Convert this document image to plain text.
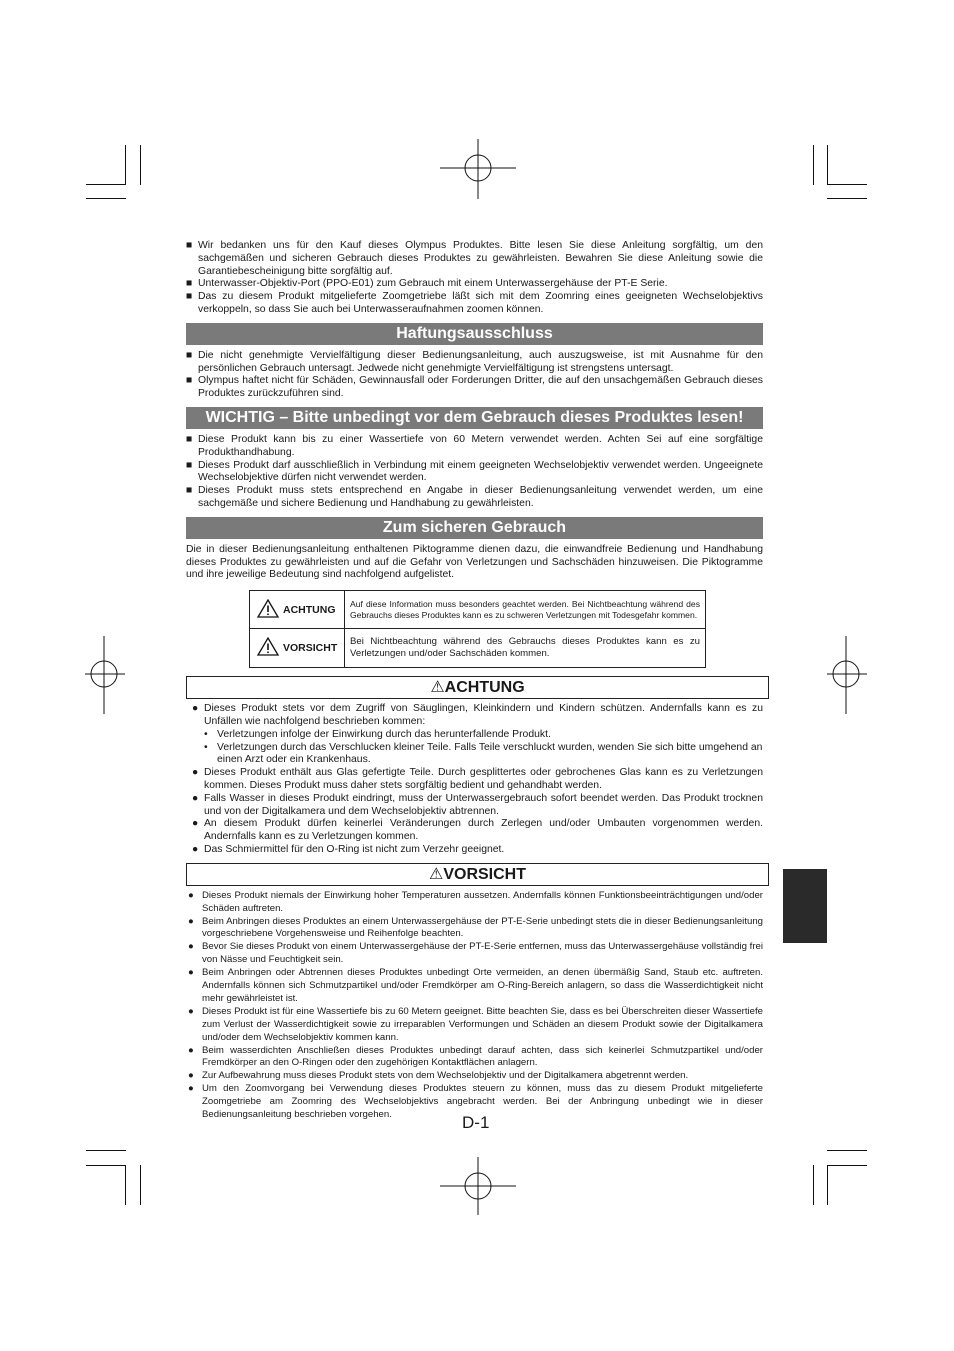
■ Wir bedanken uns für den Kauf dieses Olympus Produktes. Bitte lesen Sie diese Anleitung sorgfältig, um den sachgemäßen und sicheren Gebrauch dieses Produktes zu gewährleisten. Bewahren Sie diese Anleitung sowie die Garantiebescheinigung bitte sorgfältig auf.
■ Unterwasser-Objektiv-Port (PPO-E01) zum Gebrauch mit einem Unterwassergehäuse der PT-E Serie.
■ Das zu diesem Produkt mitgelieferte Zoomgetriebe läßt sich mit dem Zoomring eines geeigneten Wechselobjektivs verkoppeln, so dass Sie auch bei Unterwasseraufnahmen zoomen können.
Haftungsausschluss
■ Die nicht genehmigte Vervielfältigung dieser Bedienungsanleitung, auch auszugsweise, ist mit Ausnahme für den persönlichen Gebrauch untersagt. Jedwede nicht genehmigte Vervielfältigung ist strengstens untersagt.
■ Olympus haftet nicht für Schäden, Gewinnausfall oder Forderungen Dritter, die auf den unsachgemäßen Gebrauch dieses Produktes zurückzuführen sind.
WICHTIG – Bitte unbedingt vor dem Gebrauch dieses Produktes lesen!
■ Diese Produkt kann bis zu einer Wassertiefe von 60 Metern verwendet werden. Achten Sei auf eine sorgfältige Produkthandhabung.
■ Dieses Produkt darf ausschließlich in Verbindung mit einem geeigneten Wechselobjektiv verwendet werden. Ungeeignete Wechselobjektive dürfen nicht verwendet werden.
■ Dieses Produkt muss stets entsprechend en Angabe in dieser Bedienungsanleitung verwendet werden, um eine sachgemäße und sichere Bedienung und Handhabung zu gewährleisten.
Zum sicheren Gebrauch

Die in dieser Bedienungsanleitung enthaltenen Piktogramme dienen dazu, die einwandfreie Bedienung und Handhabung dieses Produktes zu gewährleisten und auf die Gefahr von Verletzungen und Sachschäden hinzuweisen. Die Piktogramme und ihre jeweilige Bedeutung sind nachfolgend aufgelistet.

ACHTUNG	Auf diese Information muss besonders geachtet werden. Bei Nichtbeachtung während des Gebrauchs dieses Produktes kann es zu schweren Verletzungen mit Todesgefahr kommen.
VORSICHT	Bei Nichtbeachtung während des Gebrauchs dieses Produktes kann es zu Verletzungen und/oder Sachschäden kommen.
⚠ACHTUNG
● Dieses Produkt stets vor dem Zugriff von Säuglingen, Kleinkindern und Kindern schützen. Andernfalls kann es zu Unfällen wie nachfolgend beschrieben kommen:
• Verletzungen infolge der Einwirkung durch das herunterfallende Produkt.
• Verletzungen durch das Verschlucken kleiner Teile. Falls Teile verschluckt wurden, wenden Sie sich bitte umgehend an einen Arzt oder ein Krankenhaus.
● Dieses Produkt enthält aus Glas gefertigte Teile. Durch gesplittertes oder gebrochenes Glas kann es zu Verletzungen kommen. Dieses Produkt muss daher stets sorgfältig bedient und gehandhabt werden.
● Falls Wasser in dieses Produkt eindringt, muss der Unterwassergebrauch sofort beendet werden. Das Produkt trocknen und von der Digitalkamera und dem Wechselobjektiv abtrennen.
● An diesem Produkt dürfen keinerlei Veränderungen durch Zerlegen und/oder Umbauten vorgenommen werden. Andernfalls kann es zu Verletzungen kommen.
● Das Schmiermittel für den O-Ring ist nicht zum Verzehr geeignet.
⚠VORSICHT
● Dieses Produkt niemals der Einwirkung hoher Temperaturen aussetzen. Andernfalls können Funktionsbeeinträchtigungen und/oder Schäden auftreten.
● Beim Anbringen dieses Produktes an einem Unterwassergehäuse der PT-E-Serie unbedingt stets die in dieser Bedienungsanleitung vorgeschriebene Vorgehensweise und Reihenfolge beachten.
● Bevor Sie dieses Produkt von einem Unterwassergehäuse der PT-E-Serie entfernen, muss das Unterwassergehäuse vollständig frei von Nässe und Feuchtigkeit sein.
● Beim Anbringen oder Abtrennen dieses Produktes unbedingt Orte vermeiden, an denen übermäßig Sand, Staub etc. auftreten. Andernfalls können sich Schmutzpartikel und/oder Fremdkörper am O-Ring-Bereich anlagern, so dass die Wasserdichtigkeit nicht mehr gewährleistet ist.
● Dieses Produkt ist für eine Wassertiefe bis zu 60 Metern geeignet. Bitte beachten Sie, dass es bei Überschreiten dieser Wassertiefe zum Verlust der Wasserdichtigkeit sowie zu irreparablen Verformungen und Schäden an diesem Produkt sowie der Digitalkamera und/oder dem Wechselobjektiv kommen kann.
● Beim wasserdichten Anschließen dieses Produktes unbedingt darauf achten, dass sich keinerlei Schmutzpartikel und/oder Fremdkörper an den O-Ringen oder den zugehörigen Kontaktflächen anlagern.
● Zur Aufbewahrung muss dieses Produkt stets von dem Wechselobjektiv und der Digitalkamera abgetrennt werden.
● Um den Zoomvorgang bei Verwendung dieses Produktes steuern zu können, muss das zu diesem Produkt mitgelieferte Zoomgetriebe am Zoomring des Wechselobjektivs angebracht werden. Bei der Anbringung unbedingt wie in dieser Bedienungsanleitung beschrieben vorgehen.	D-1
